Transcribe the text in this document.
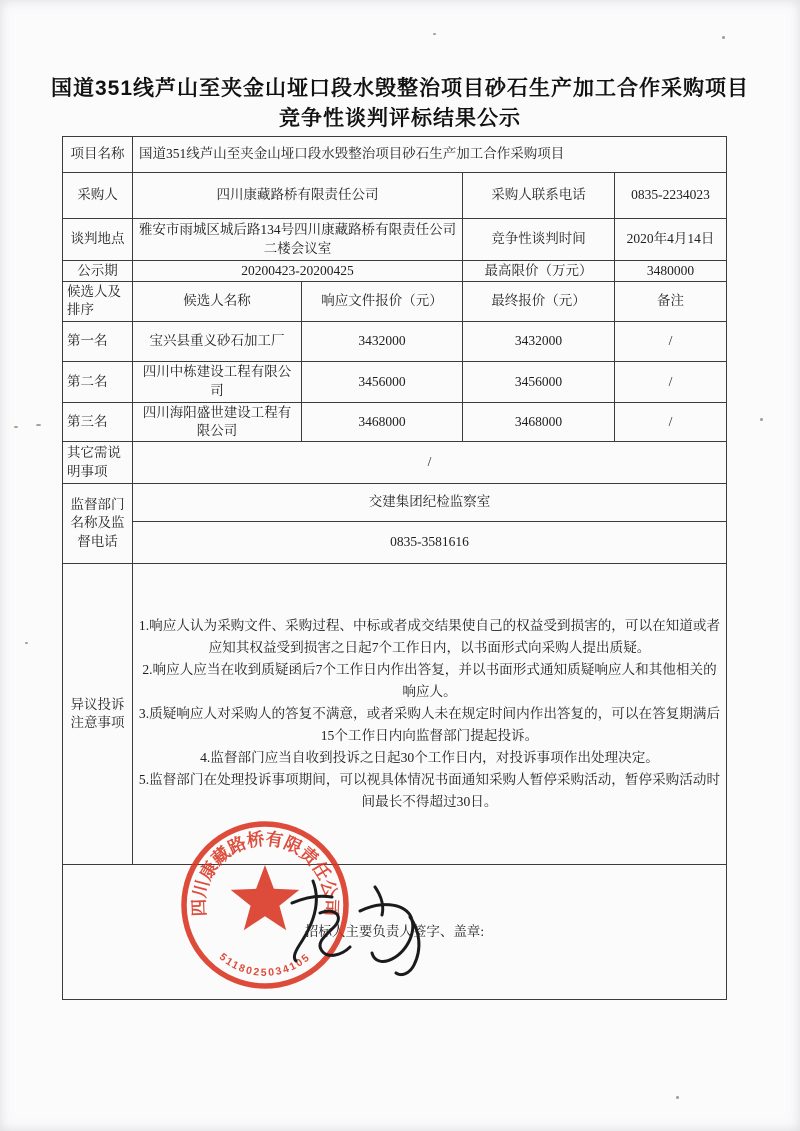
国道351线芦山至夹金山垭口段水毁整治项目砂石生产加工合作采购项目
竞争性谈判评标结果公示
项目名称	国道351线芦山至夹金山垭口段水毁整治项目砂石生产加工合作采购项目			
采购人	四川康藏路桥有限责任公司		采购人联系电话	0835-2234023
谈判地点	雅安市雨城区城后路134号四川康藏路桥有限责任公司二楼会议室		竞争性谈判时间	2020年4月14日
公示期	20200423-20200425		最高限价（万元）	3480000
候选人及排序	候选人名称	响应文件报价（元）	最终报价（元）	备注
第一名	宝兴县重义砂石加工厂	3432000	3432000	/
第二名	四川中栋建设工程有限公司	3456000	3456000	/
第三名	四川海阳盛世建设工程有限公司	3468000	3468000	/
其它需说明事项	/			
监督部门名称及监督电话	交建集团纪检监察室			
	0835-3581616			
异议投诉注意事项	1.响应人认为采购文件、采购过程、中标或者成交结果使自己的权益受到损害的，可以在知道或者应知其权益受到损害之日起7个工作日内，以书面形式向采购人提出质疑。

2.响应人应当在收到质疑函后7个工作日内作出答复，并以书面形式通知质疑响应人和其他相关的响应人。

3.质疑响应人对采购人的答复不满意，或者采购人未在规定时间内作出答复的，可以在答复期满后15个工作日内向监督部门提起投诉。

4.监督部门应当自收到投诉之日起30个工作日内，对投诉事项作出处理决定。

5.监督部门在处理投诉事项期间，可以视具体情况书面通知采购人暂停采购活动，暂停采购活动时间最长不得超过30日。			

招标人主要负责人签字、盖章:				
四川康藏路桥有限责任公司
5118025034105
